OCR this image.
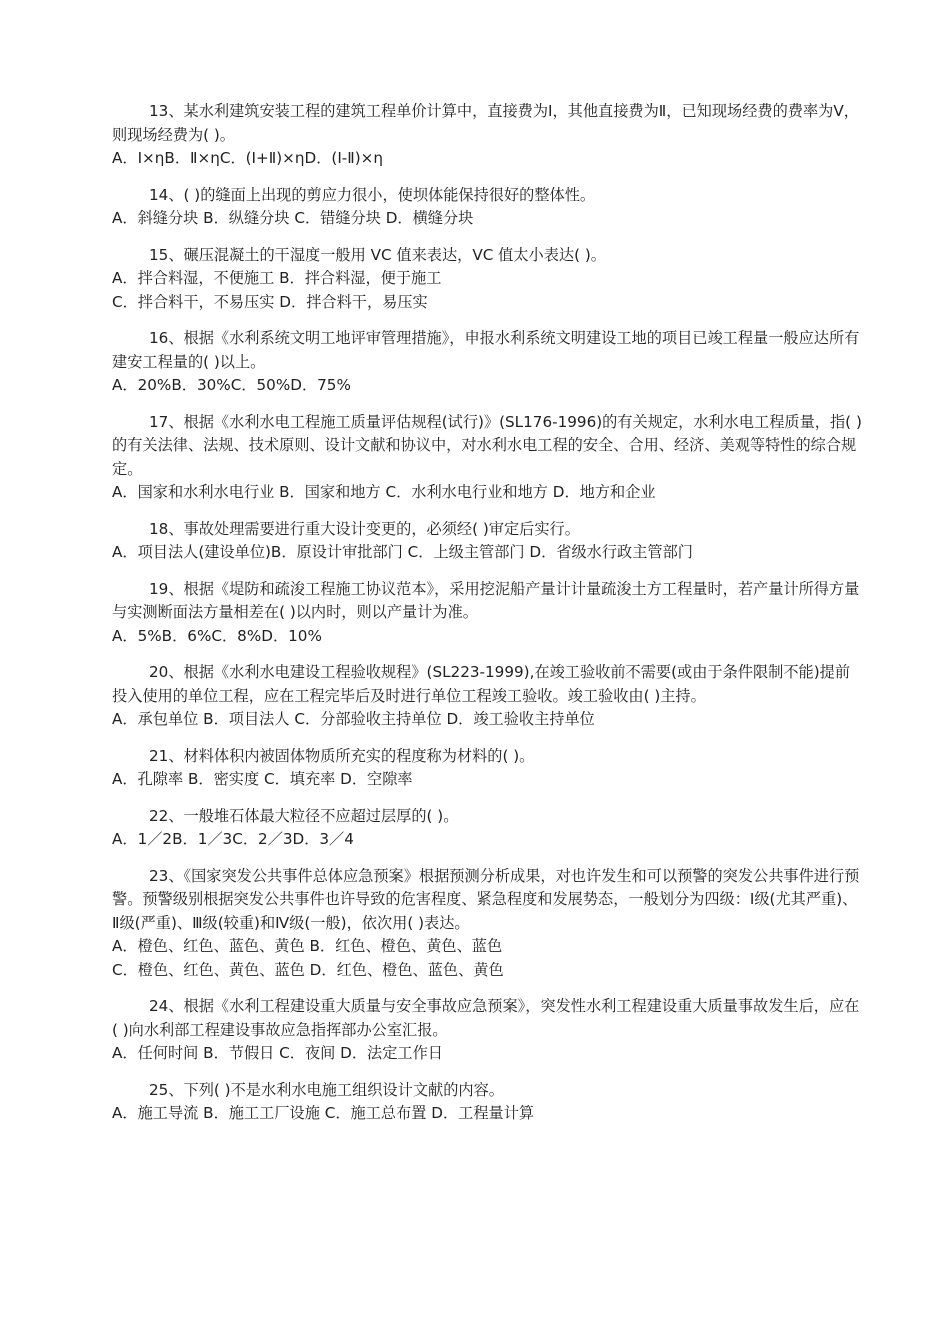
13、某水利建筑安装工程的建筑工程单价计算中，直接费为Ⅰ，其他直接费为Ⅱ，已知现场经费的费率为Ⅴ，则现场经费为( )。

A．Ⅰ×ηB．Ⅱ×ηC．(Ⅰ+Ⅱ)×ηD．(Ⅰ-Ⅱ)×η

14、( )的缝面上出现的剪应力很小，使坝体能保持很好的整体性。

A．斜缝分块 B．纵缝分块 C．错缝分块 D．横缝分块

15、碾压混凝土的干湿度一般用 VC 值来表达，VC 值太小表达( )。

A．拌合料湿，不便施工 B．拌合料湿，便于施工

C．拌合料干，不易压实 D．拌合料干，易压实

16、根据《水利系统文明工地评审管理措施》，申报水利系统文明建设工地的项目已竣工程量一般应达所有建安工程量的( )以上。

A．20%B．30%C．50%D．75%

17、根据《水利水电工程施工质量评估规程(试行)》(SL176-1996)的有关规定，水利水电工程质量，指( )的有关法律、法规、技术原则、设计文献和协议中，对水利水电工程的安全、合用、经济、美观等特性的综合规定。

A．国家和水利水电行业 B．国家和地方 C．水利水电行业和地方 D．地方和企业

18、事故处理需要进行重大设计变更的，必须经( )审定后实行。

A．项目法人(建设单位)B．原设计审批部门 C．上级主管部门 D．省级水行政主管部门

19、根据《堤防和疏浚工程施工协议范本》，采用挖泥船产量计计量疏浚土方工程量时，若产量计所得方量与实测断面法方量相差在( )以内时，则以产量计为准。

A．5%B．6%C．8%D．10%

20、根据《水利水电建设工程验收规程》(SL223-1999),在竣工验收前不需要(或由于条件限制不能)提前投入使用的单位工程，应在工程完毕后及时进行单位工程竣工验收。竣工验收由( )主持。

A．承包单位 B．项目法人 C．分部验收主持单位 D．竣工验收主持单位

21、材料体积内被固体物质所充实的程度称为材料的( )。

A．孔隙率 B．密实度 C．填充率 D．空隙率

22、一般堆石体最大粒径不应超过层厚的( )。

A．1／2B．1／3C．2／3D．3／4

23、《国家突发公共事件总体应急预案》根据预测分析成果，对也许发生和可以预警的突发公共事件进行预警。预警级别根据突发公共事件也许导致的危害程度、紧急程度和发展势态，一般划分为四级：Ⅰ级(尤其严重)、Ⅱ级(严重)、Ⅲ级(较重)和Ⅳ级(一般)，依次用( )表达。

A．橙色、红色、蓝色、黄色 B．红色、橙色、黄色、蓝色

C．橙色、红色、黄色、蓝色 D．红色、橙色、蓝色、黄色

24、根据《水利工程建设重大质量与安全事故应急预案》，突发性水利工程建设重大质量事故发生后，应在( )向水利部工程建设事故应急指挥部办公室汇报。

A．任何时间 B．节假日 C．夜间 D．法定工作日

25、下列( )不是水利水电施工组织设计文献的内容。

A．施工导流 B．施工工厂设施 C．施工总布置 D．工程量计算
